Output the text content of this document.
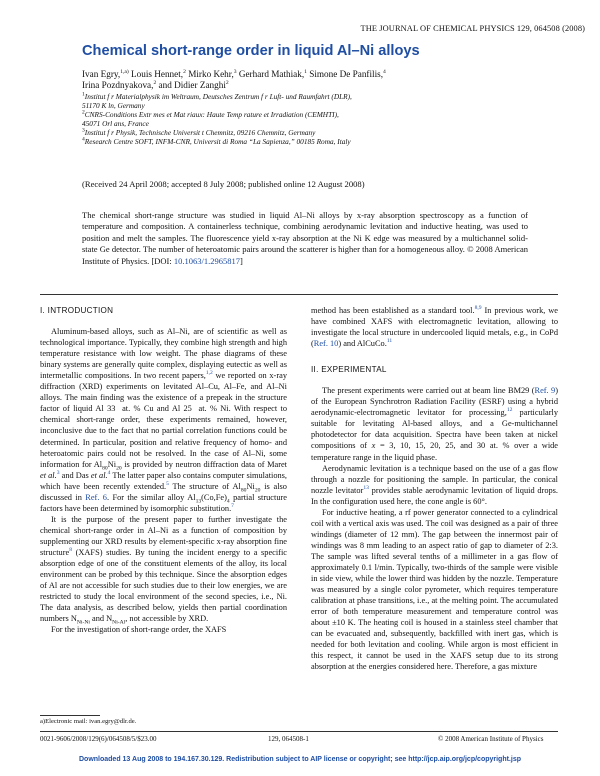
THE JOURNAL OF CHEMICAL PHYSICS 129, 064508 (2008)
Chemical short-range order in liquid Al–Ni alloys
Ivan Egry,$^{1,a)}$ Louis Hennet,$^2$ Mirko Kehr,$^3$ Gerhard Mathiak,$^1$ Simone De Panfilis,$^4$
Irina Pozdnyakova,$^2$ and Didier Zanghi$^2$
$^1$Institut f r Materialphysik im Weltraum, Deutsches Zentrum f r Luft- und Raumfahrt (DLR),
51170 K ln, Germany
$^2$CNRS-Conditions Extr mes et Mat riaux: Haute Temp rature et Irradiation (CEMHTI),
45071 Orl ans, France
$^3$Institut f r Physik, Technische Universit t Chemnitz, 09216 Chemnitz, Germany
$^4$Research Centre SOFT, INFM-CNR, Universit di Roma “La Sapienza,” 00185 Roma, Italy
(Received 24 April 2008; accepted 8 July 2008; published online 12 August 2008)
The chemical short-range structure was studied in liquid Al–Ni alloys by x-ray absorption spectroscopy as a function of temperature and composition. A containerless technique, combining aerodynamic levitation and inductive heating, was used to position and melt the samples. The fluorescence yield x-ray absorption at the Ni K edge was measured by a multichannel solid-state Ge detector. The number of heteroatomic pairs around the scatterer is higher than for a homogeneous alloy. © 2008 American Institute of Physics. [DOI: 10.1063/1.2965817]
I. INTRODUCTION

Aluminum-based alloys, such as Al–Ni, are of scientific as well as technological importance. Typically, they combine high strength and high temperature resistance with low weight. The phase diagrams of these binary systems are generally quite complex, displaying eutectic as well as intermetallic compositions. In two recent papers,$^{1,2}$ we reported on x-ray diffraction (XRD) experiments on levitated Al–Cu, Al–Fe, and Al–Ni alloys. The main finding was the existence of a prepeak in the structure factor of liquid Al 33  at. % Cu and Al 25  at. % Ni. With respect to chemical short-range order, these experiments remained, however, inconclusive due to the fact that no partial correlation functions could be determined. In particular, position and relative frequency of homo- and heteroatomic pairs could not be resolved. In the case of Al–Ni, some information for $Al_{80}Ni_{20}$ is provided by neutron diffraction data of Maret et al.$^3$ and Das et al.$^4$ The latter paper also contains computer simulations, which have been recently extended.$^5$ The structure of $Al_{80}Ni_{20}$ is also discussed in Ref. 6. For the similar alloy $Al_{13}(Co,Fe)_4$ partial structure factors have been determined by isomorphic substitution.$^7$

It is the purpose of the present paper to further investigate the chemical short-range order in Al–Ni as a function of composition by supplementing our XRD results by element-specific x-ray absorption fine structure$^8$ (XAFS) studies. By tuning the incident energy to a specific absorption edge of one of the constituent elements of the alloy, its local environment can be probed by this technique. Since the absorption edges of Al are not accessible for such studies due to their low energies, we are restricted to study the local environment of the second species, i.e., Ni. The data analysis, as described below, yields then partial coordination numbers $N_{Ni-Ni}$ and $N_{Ni-Al}$, not accessible by XRD.

For the investigation of short-range order, the XAFS

method has been established as a standard tool.$^{8,9}$ In previous work, we have combined XAFS with electromagnetic levitation, allowing to investigate the local structure in undercooled liquid metals, e.g., in CoPd (Ref. 10) and AlCuCo.$^{11}$

II. EXPERIMENTAL

The present experiments were carried out at beam line BM29 (Ref. 9) of the European Synchrotron Radiation Facility (ESRF) using a hybrid aerodynamic-electromagnetic levitator for processing,$^{12}$ particularly suitable for levitating Al-based alloys, and a Ge-multichannel photodetector for data acquisition. Spectra have been taken at nickel compositions of x = 3, 10, 15, 20, 25, and 30 at. % over a wide temperature range in the liquid phase.

Aerodynamic levitation is a technique based on the use of a gas flow through a nozzle for positioning the sample. In particular, the conical nozzle levitator$^{13}$ provides stable aerodynamic levitation of liquid drops. In the configuration used here, the cone angle is 60°.

For inductive heating, a rf power generator connected to a cylindrical coil with a vertical axis was used. The coil was designed as a pair of three windings (diameter of 12 mm). The gap between the innermost pair of windings was 8 mm leading to an aspect ratio of gap to diameter of 2:3. The sample was lifted several tenths of a millimeter in a gas flow of approximately 0.1 l/min. Typically, two-thirds of the sample were visible in side view, while the lower third was hidden by the nozzle. Temperature was measured by a single color pyrometer, which requires temperature calibration at phase transitions, i.e., at the melting point. The accumulated error of both temperature measurement and temperature control was about ±10 K. The heating coil is housed in a stainless steel chamber that can be evacuated and, subsequently, backfilled with inert gas, which is needed for both levitation and cooling. While argon is most efficient in this respect, it cannot be used in the XAFS setup due to its strong absorption at the energies considered here. Therefore, a gas mixture

a)Electronic mail: ivan.egry@dlr.de.
0021-9606/2008/129(6)/064508/5/$23.00	129, 064508-1	© 2008 American Institute of Physics
Downloaded 13 Aug 2008 to 194.167.30.129. Redistribution subject to AIP license or copyright; see http://jcp.aip.org/jcp/copyright.jsp
